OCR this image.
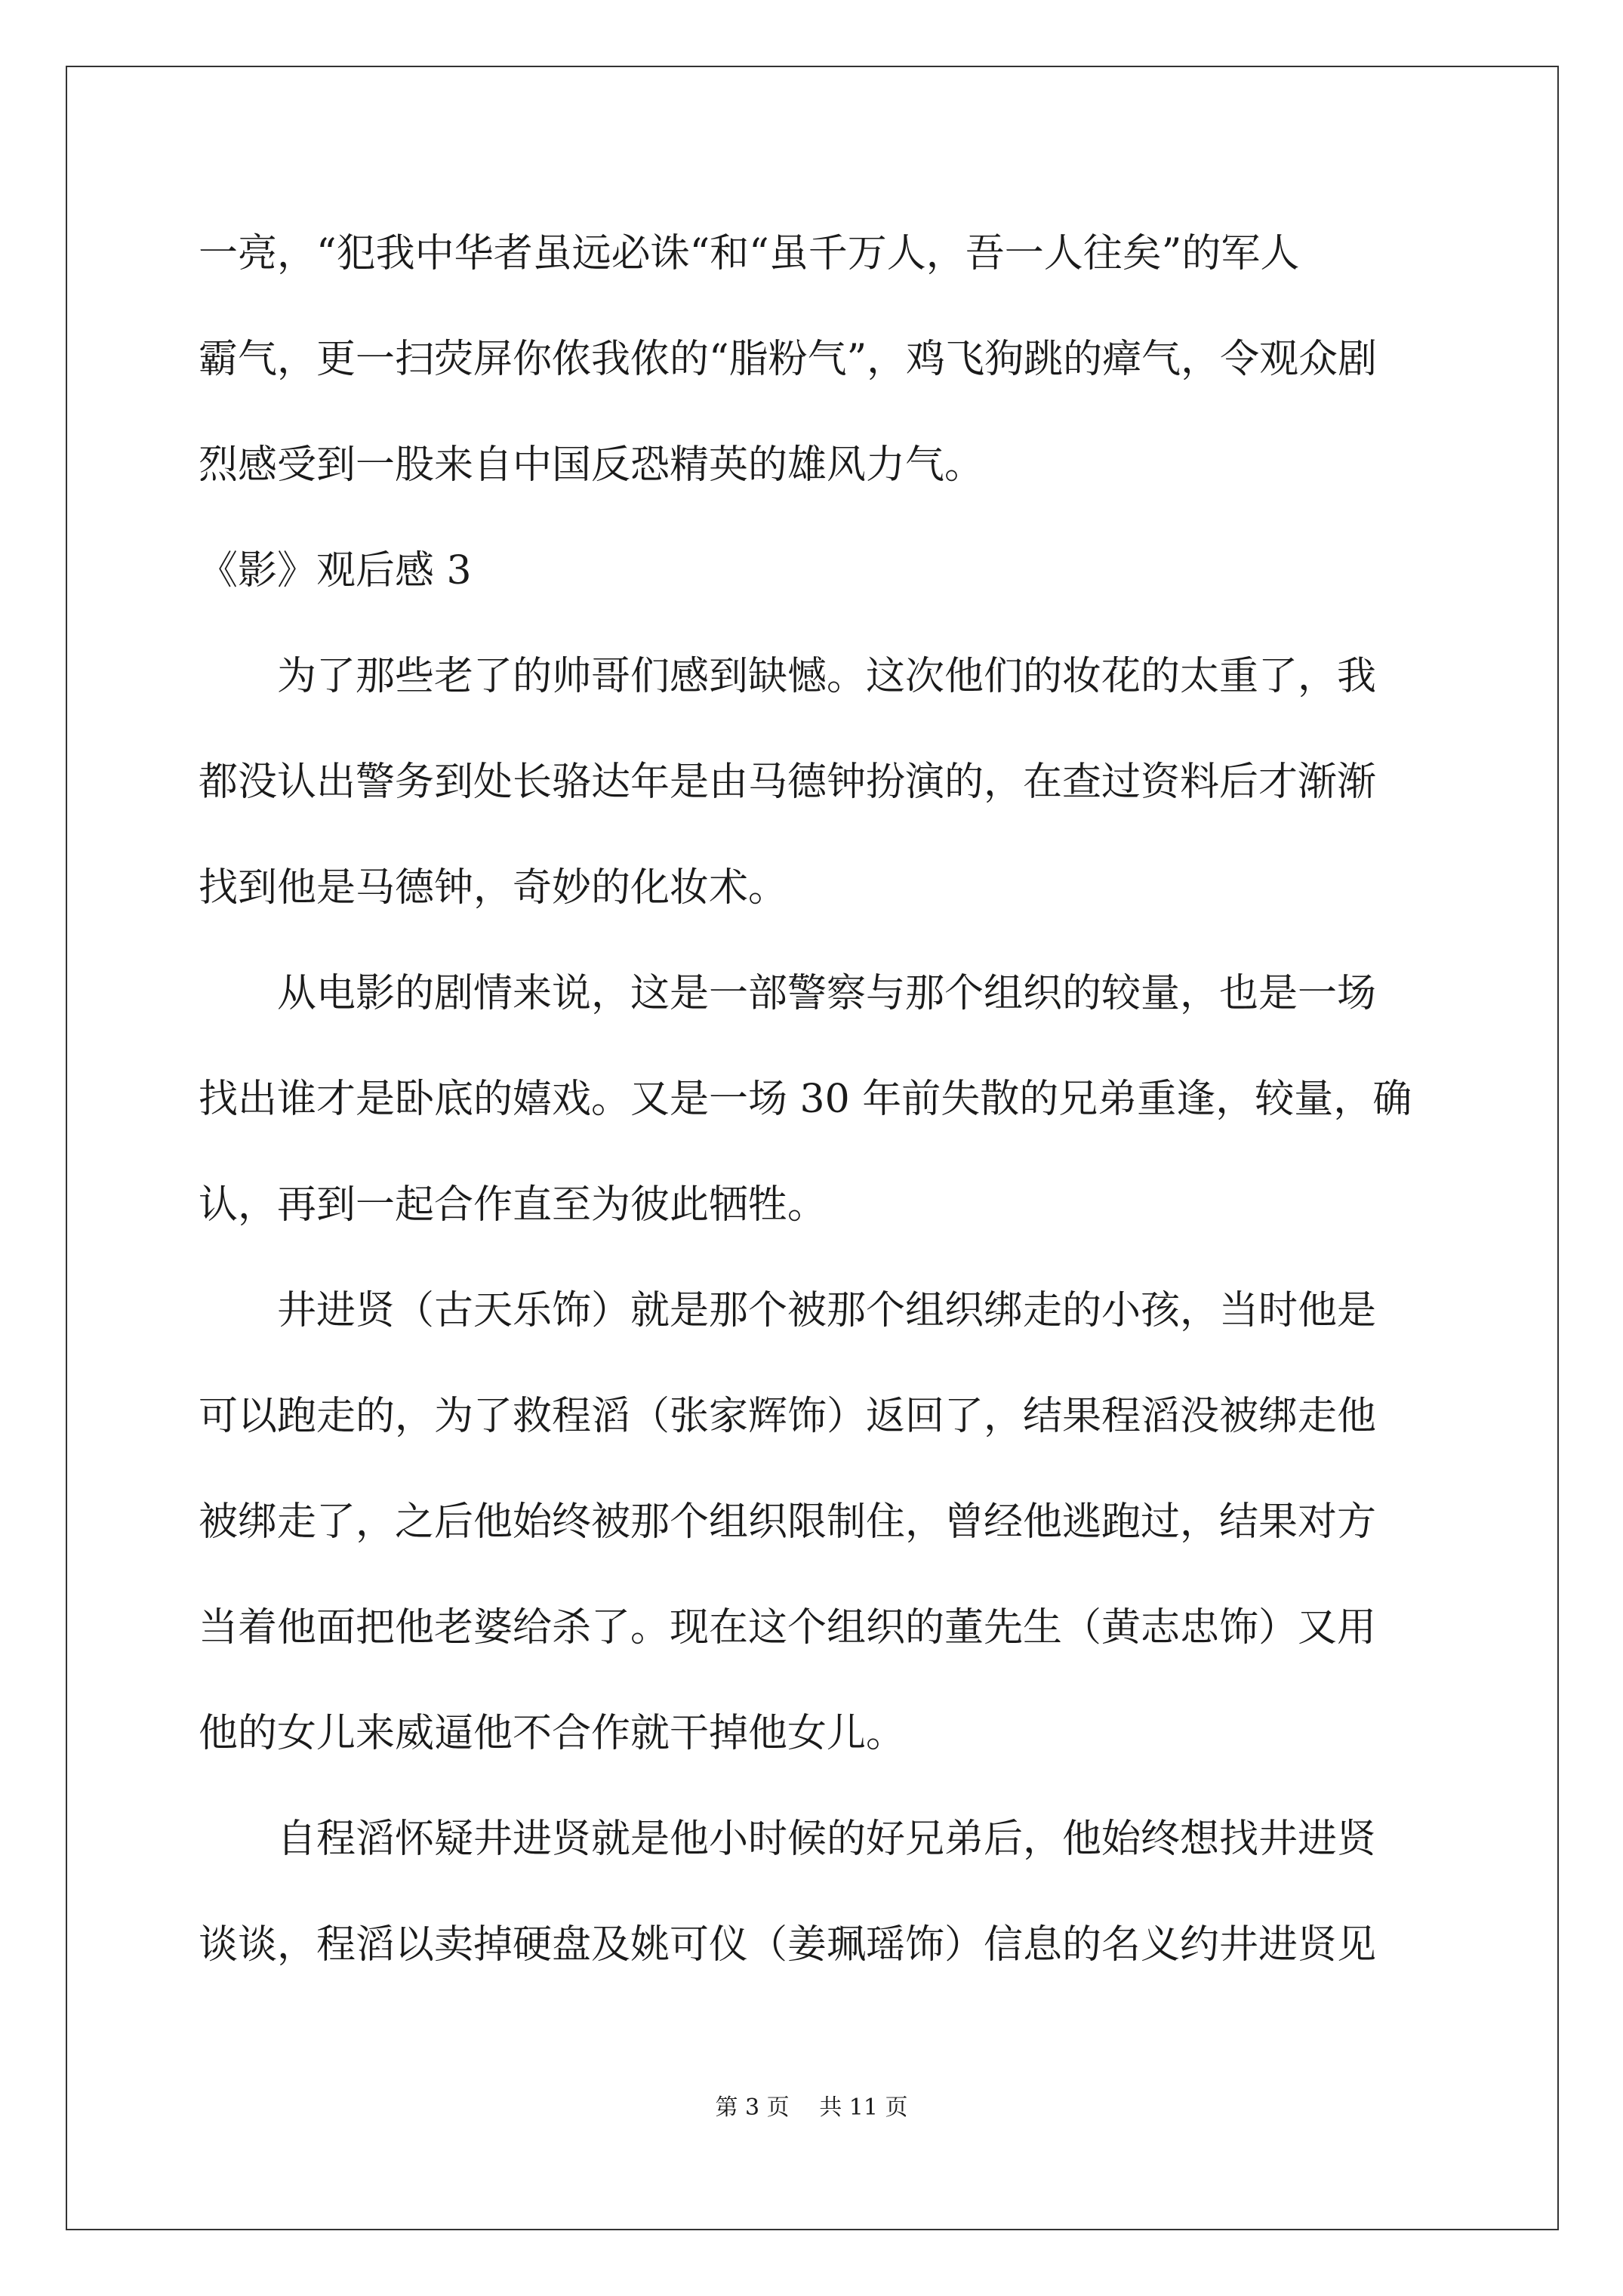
一亮，“犯我中华者虽远必诛“和“虽千万人，吾一人往矣”的军人
霸气，更一扫荧屏你侬我侬的“脂粉气”，鸡飞狗跳的瘴气，令观众剧
烈感受到一股来自中国反恐精英的雄风力气。
《影》观后感 3
　　为了那些老了的帅哥们感到缺憾。这次他们的妆花的太重了，我
都没认出警务到处长骆达年是由马德钟扮演的，在查过资料后才渐渐
找到他是马德钟，奇妙的化妆术。
　　从电影的剧情来说，这是一部警察与那个组织的较量，也是一场
找出谁才是卧底的嬉戏。又是一场 30 年前失散的兄弟重逢，较量，确
认，再到一起合作直至为彼此牺牲。
　　井进贤（古天乐饰）就是那个被那个组织绑走的小孩，当时他是
可以跑走的，为了救程滔（张家辉饰）返回了，结果程滔没被绑走他
被绑走了，之后他始终被那个组织限制住，曾经他逃跑过，结果对方
当着他面把他老婆给杀了。现在这个组织的董先生（黄志忠饰）又用
他的女儿来威逼他不合作就干掉他女儿。
　　自程滔怀疑井进贤就是他小时候的好兄弟后，他始终想找井进贤
谈谈，程滔以卖掉硬盘及姚可仪（姜珮瑶饰）信息的名义约井进贤见
第 3 页　 共 11 页
